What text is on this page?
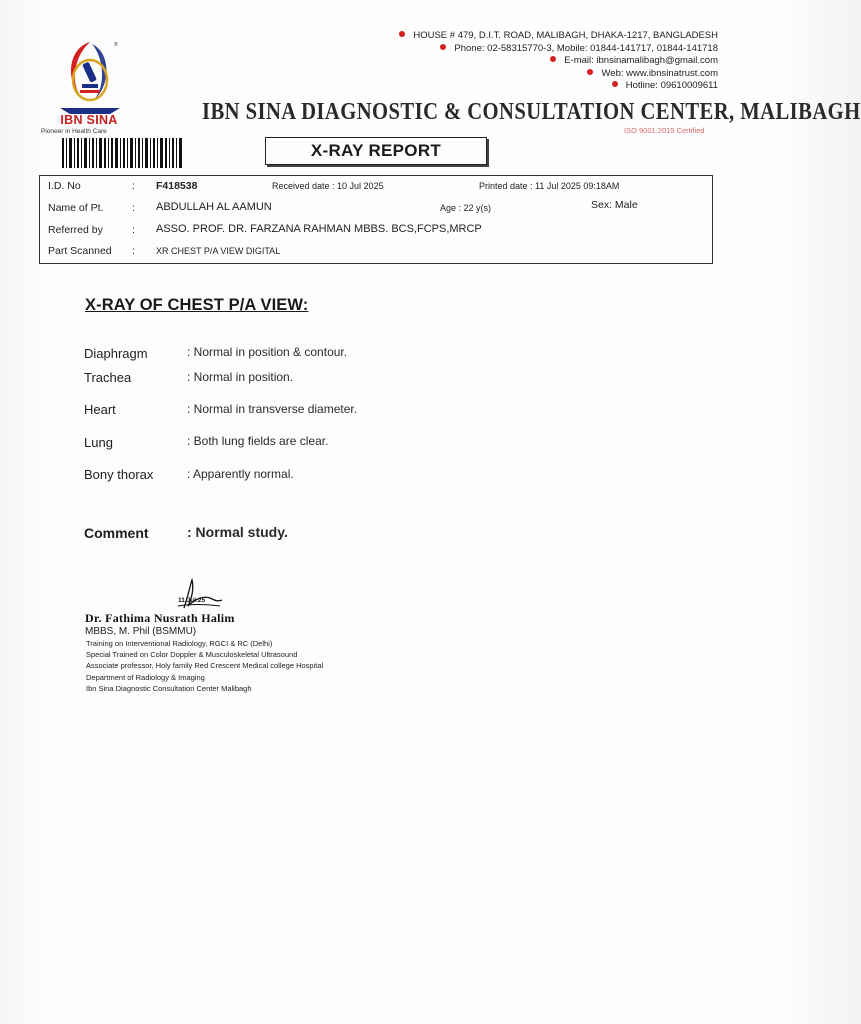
HOUSE # 479, D.I.T. ROAD, MALIBAGH, DHAKA-1217, BANGLADESH
Phone: 02-58315770-3, Mobile: 01844-141717, 01844-141718
E-mail: ibnsinamalibagh@gmail.com
Web: www.ibnsinatrust.com
Hotline: 09610009611
®
IBN SINA
Pioneer in Health Care
IBN SINA DIAGNOSTIC & CONSULTATION CENTER, MALIBAGH
ISO 9001:2015 Certified
X-RAY REPORT
I.D. No	: F418538	Received date : 10 Jul 2025	Printed date : 11 Jul 2025 09:18AM
Name of Pt.	: ABDULLAH AL AAMUN	Age : 22 y(s)	Sex: Male
Referred by	: ASSO. PROF. DR. FARZANA RAHMAN MBBS. BCS,FCPS,MRCP
Part Scanned : XR CHEST P/A VIEW DIGITAL
X-RAY OF CHEST P/A VIEW:
Diaphragm	: Normal in position & contour.
Trachea	: Normal in position.
Heart	: Normal in transverse diameter.
Lung	: Both lung fields are clear.
Bony thorax	: Apparently normal.
Comment	: Normal study.
11.Jul.25
Dr. Fathima Nusrath Halim
MBBS, M. Phil (BSMMU)
Training on Interventional Radiology, RGCI & RC (Delhi)
Special Trained on Color Doppler & Musculoskeletal Ultrasound
Associate professor, Holy family Red Crescent Medical college Hospital
Department of Radiology & Imaging
Ibn Sina Diagnostic Consultation Center Malibagh
